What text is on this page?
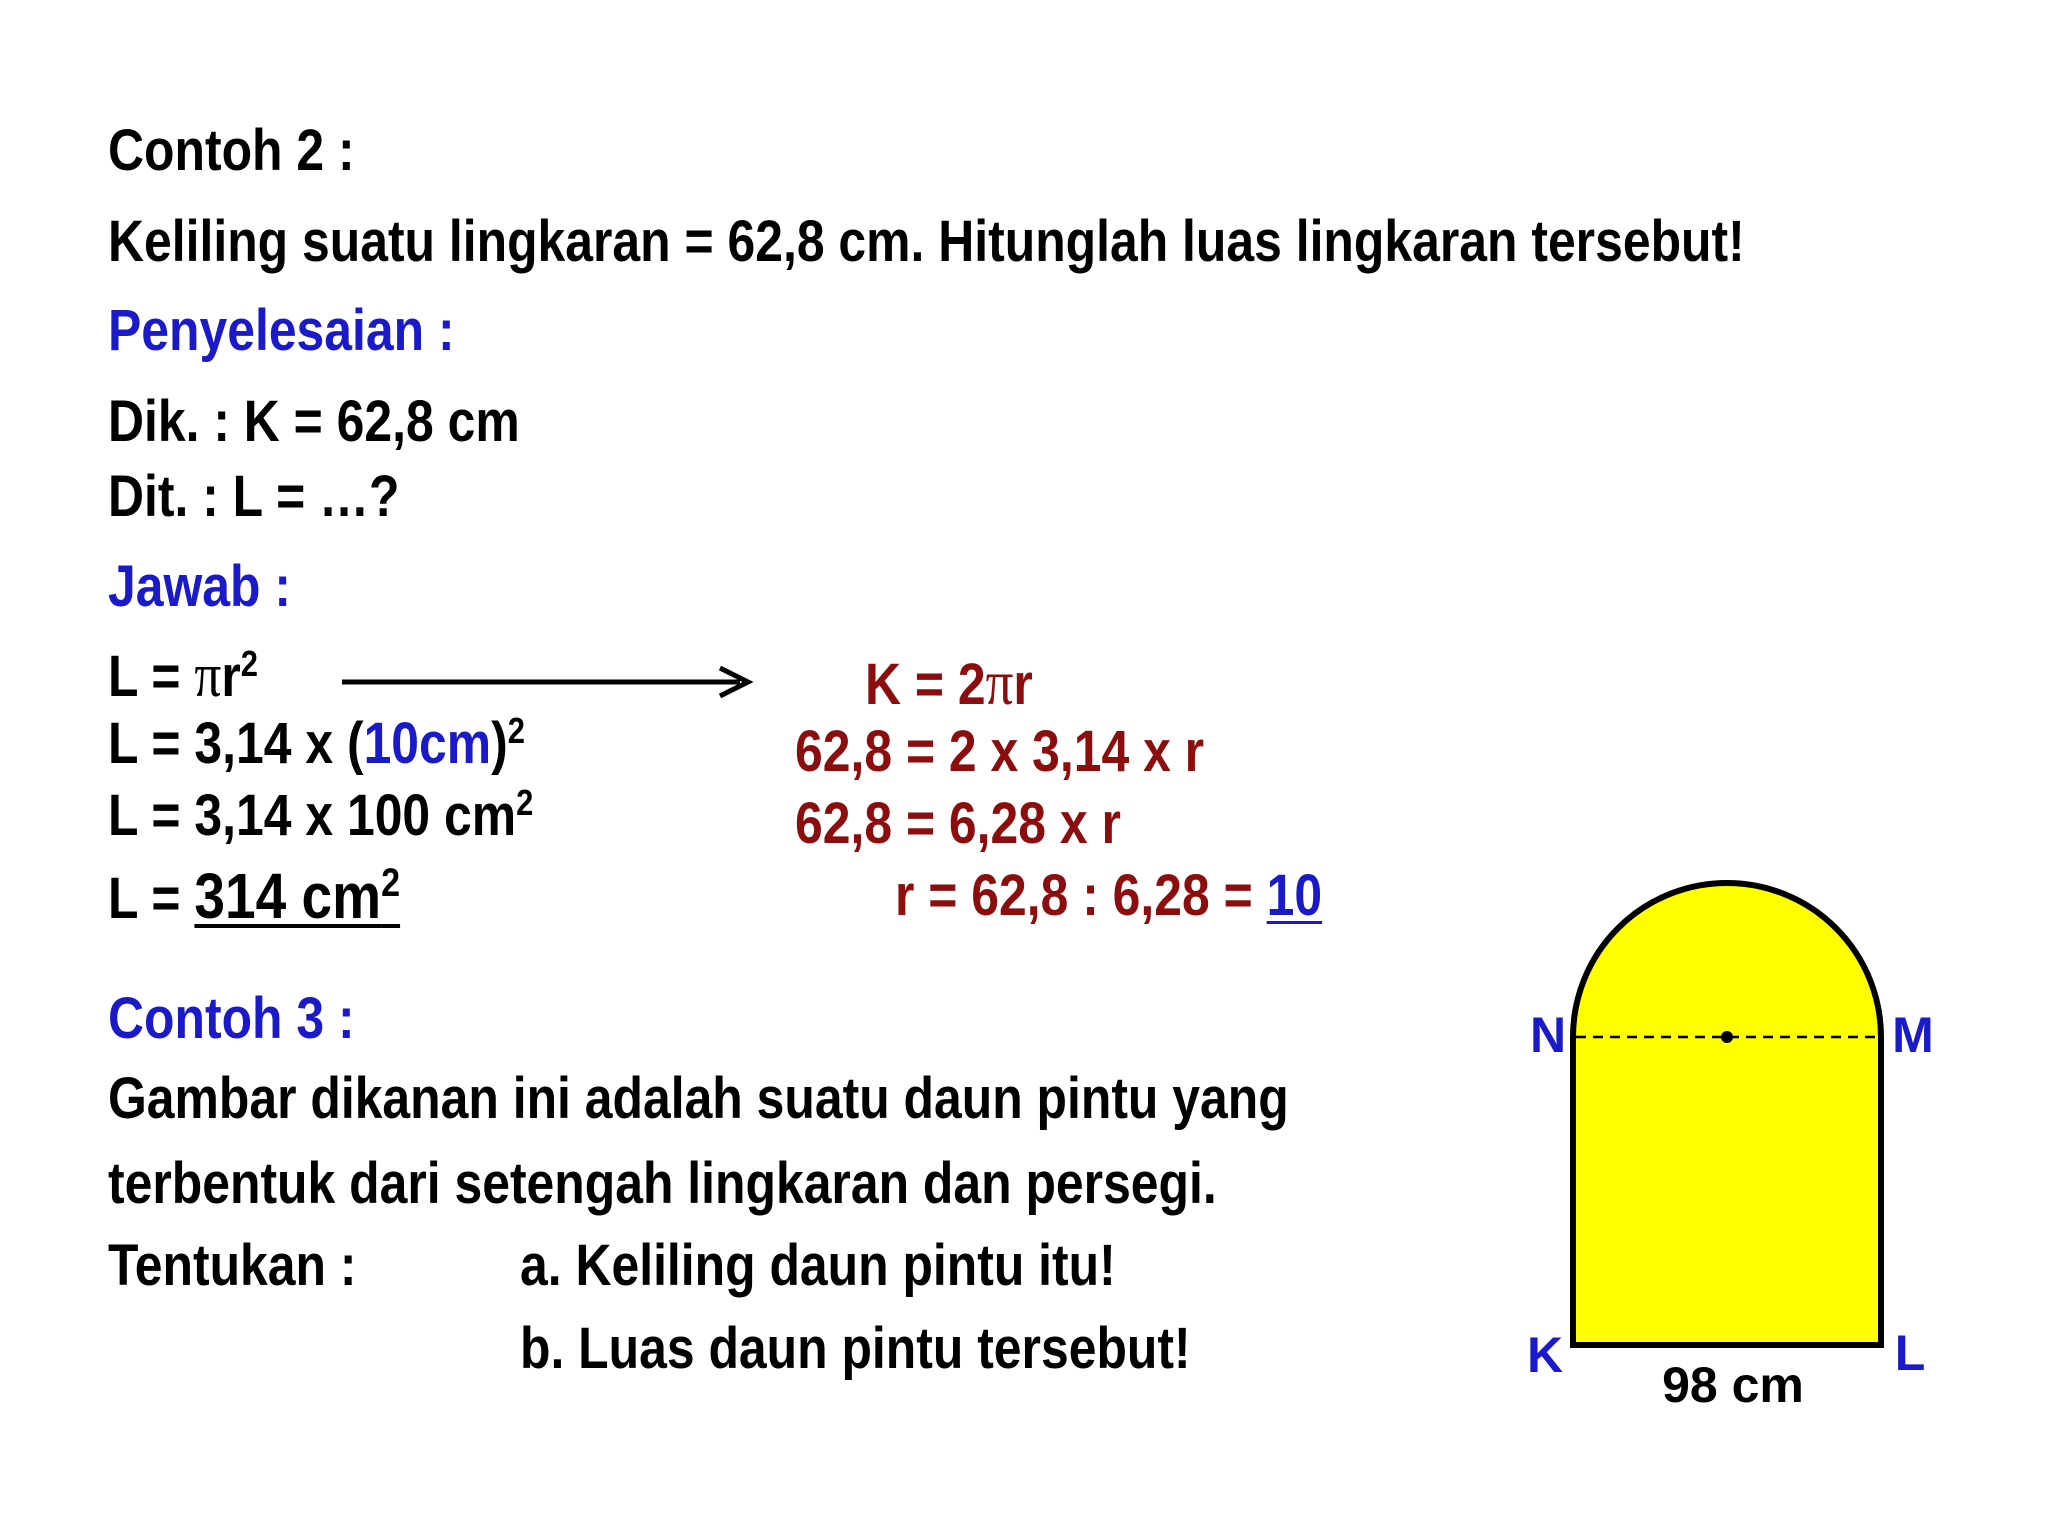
Contoh 2 :
Keliling suatu lingkaran = 62,8 cm. Hitunglah luas lingkaran tersebut!
Penyelesaian :
Dik. : K = 62,8 cm
Dit. : L = …?
Jawab :
$L = \pi r^2$
L = 3,14 x $(10cm)^2$
L = 3,14 x 100 $cm^2$
L = 314 $cm^2$
K = 2πr
62,8 = 2 x 3,14 x r
62,8 = 6,28 x r
r = 62,8 : 6,28 = 10
Contoh 3 :
Gambar dikanan ini adalah suatu daun pintu yang
terbentuk dari setengah lingkaran dan persegi.
Tentukan :	a. Keliling daun pintu itu!
b. Luas daun pintu tersebut!
N	M
K	L
98 cm
